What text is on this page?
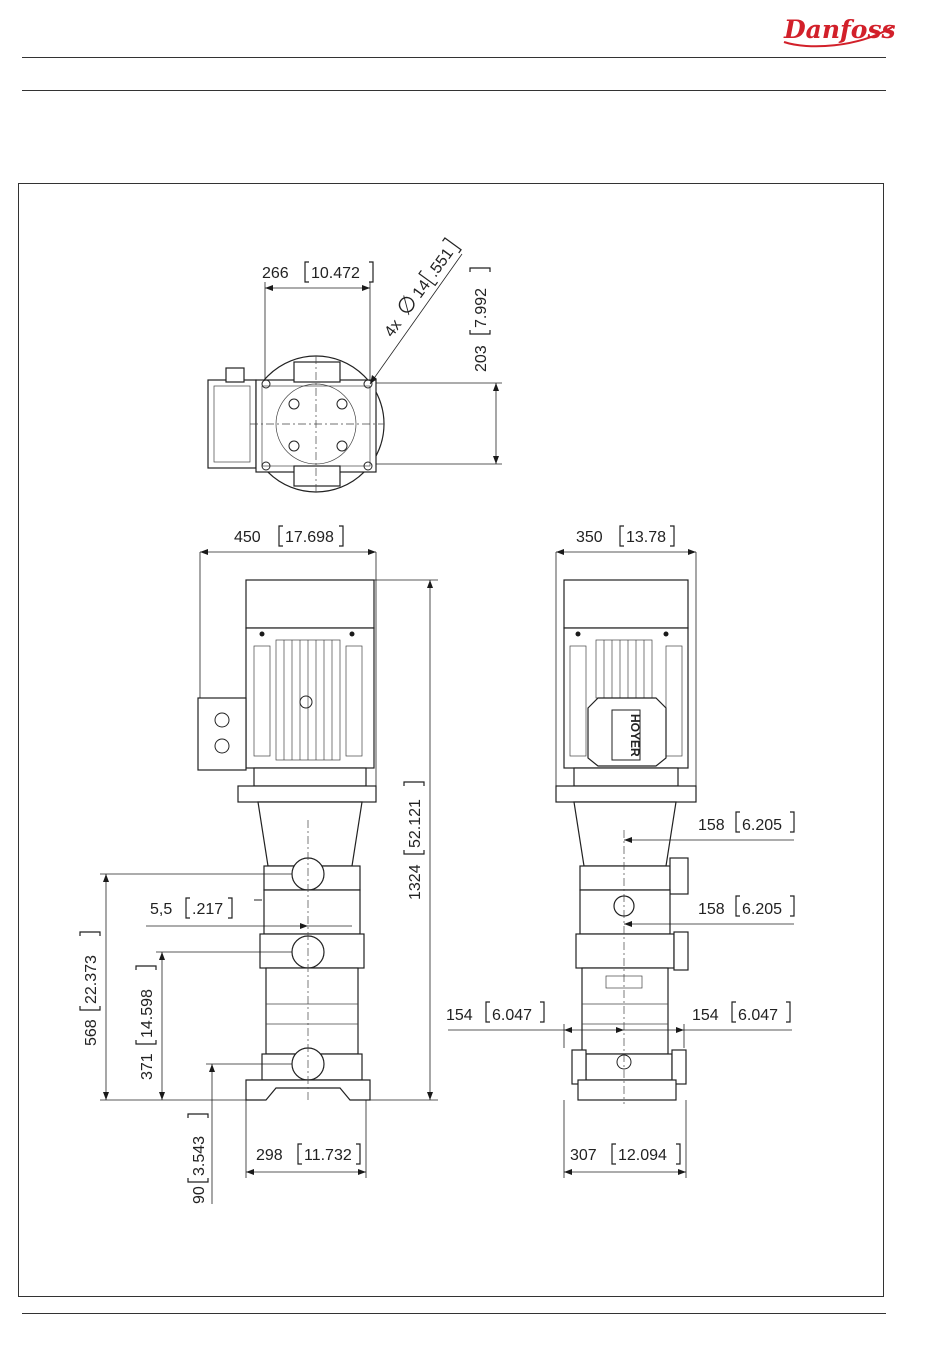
Danfoss
266 10.472
4x
∅
14
.551
203
7.992
450 17.698
1324
52.121
5,5 .217
568
22.373
371
14.598
90
3.543	298 11.732
HOYER
350 13.78
158 6.205
158 6.205
154 6.047	154 6.047
307 12.094
